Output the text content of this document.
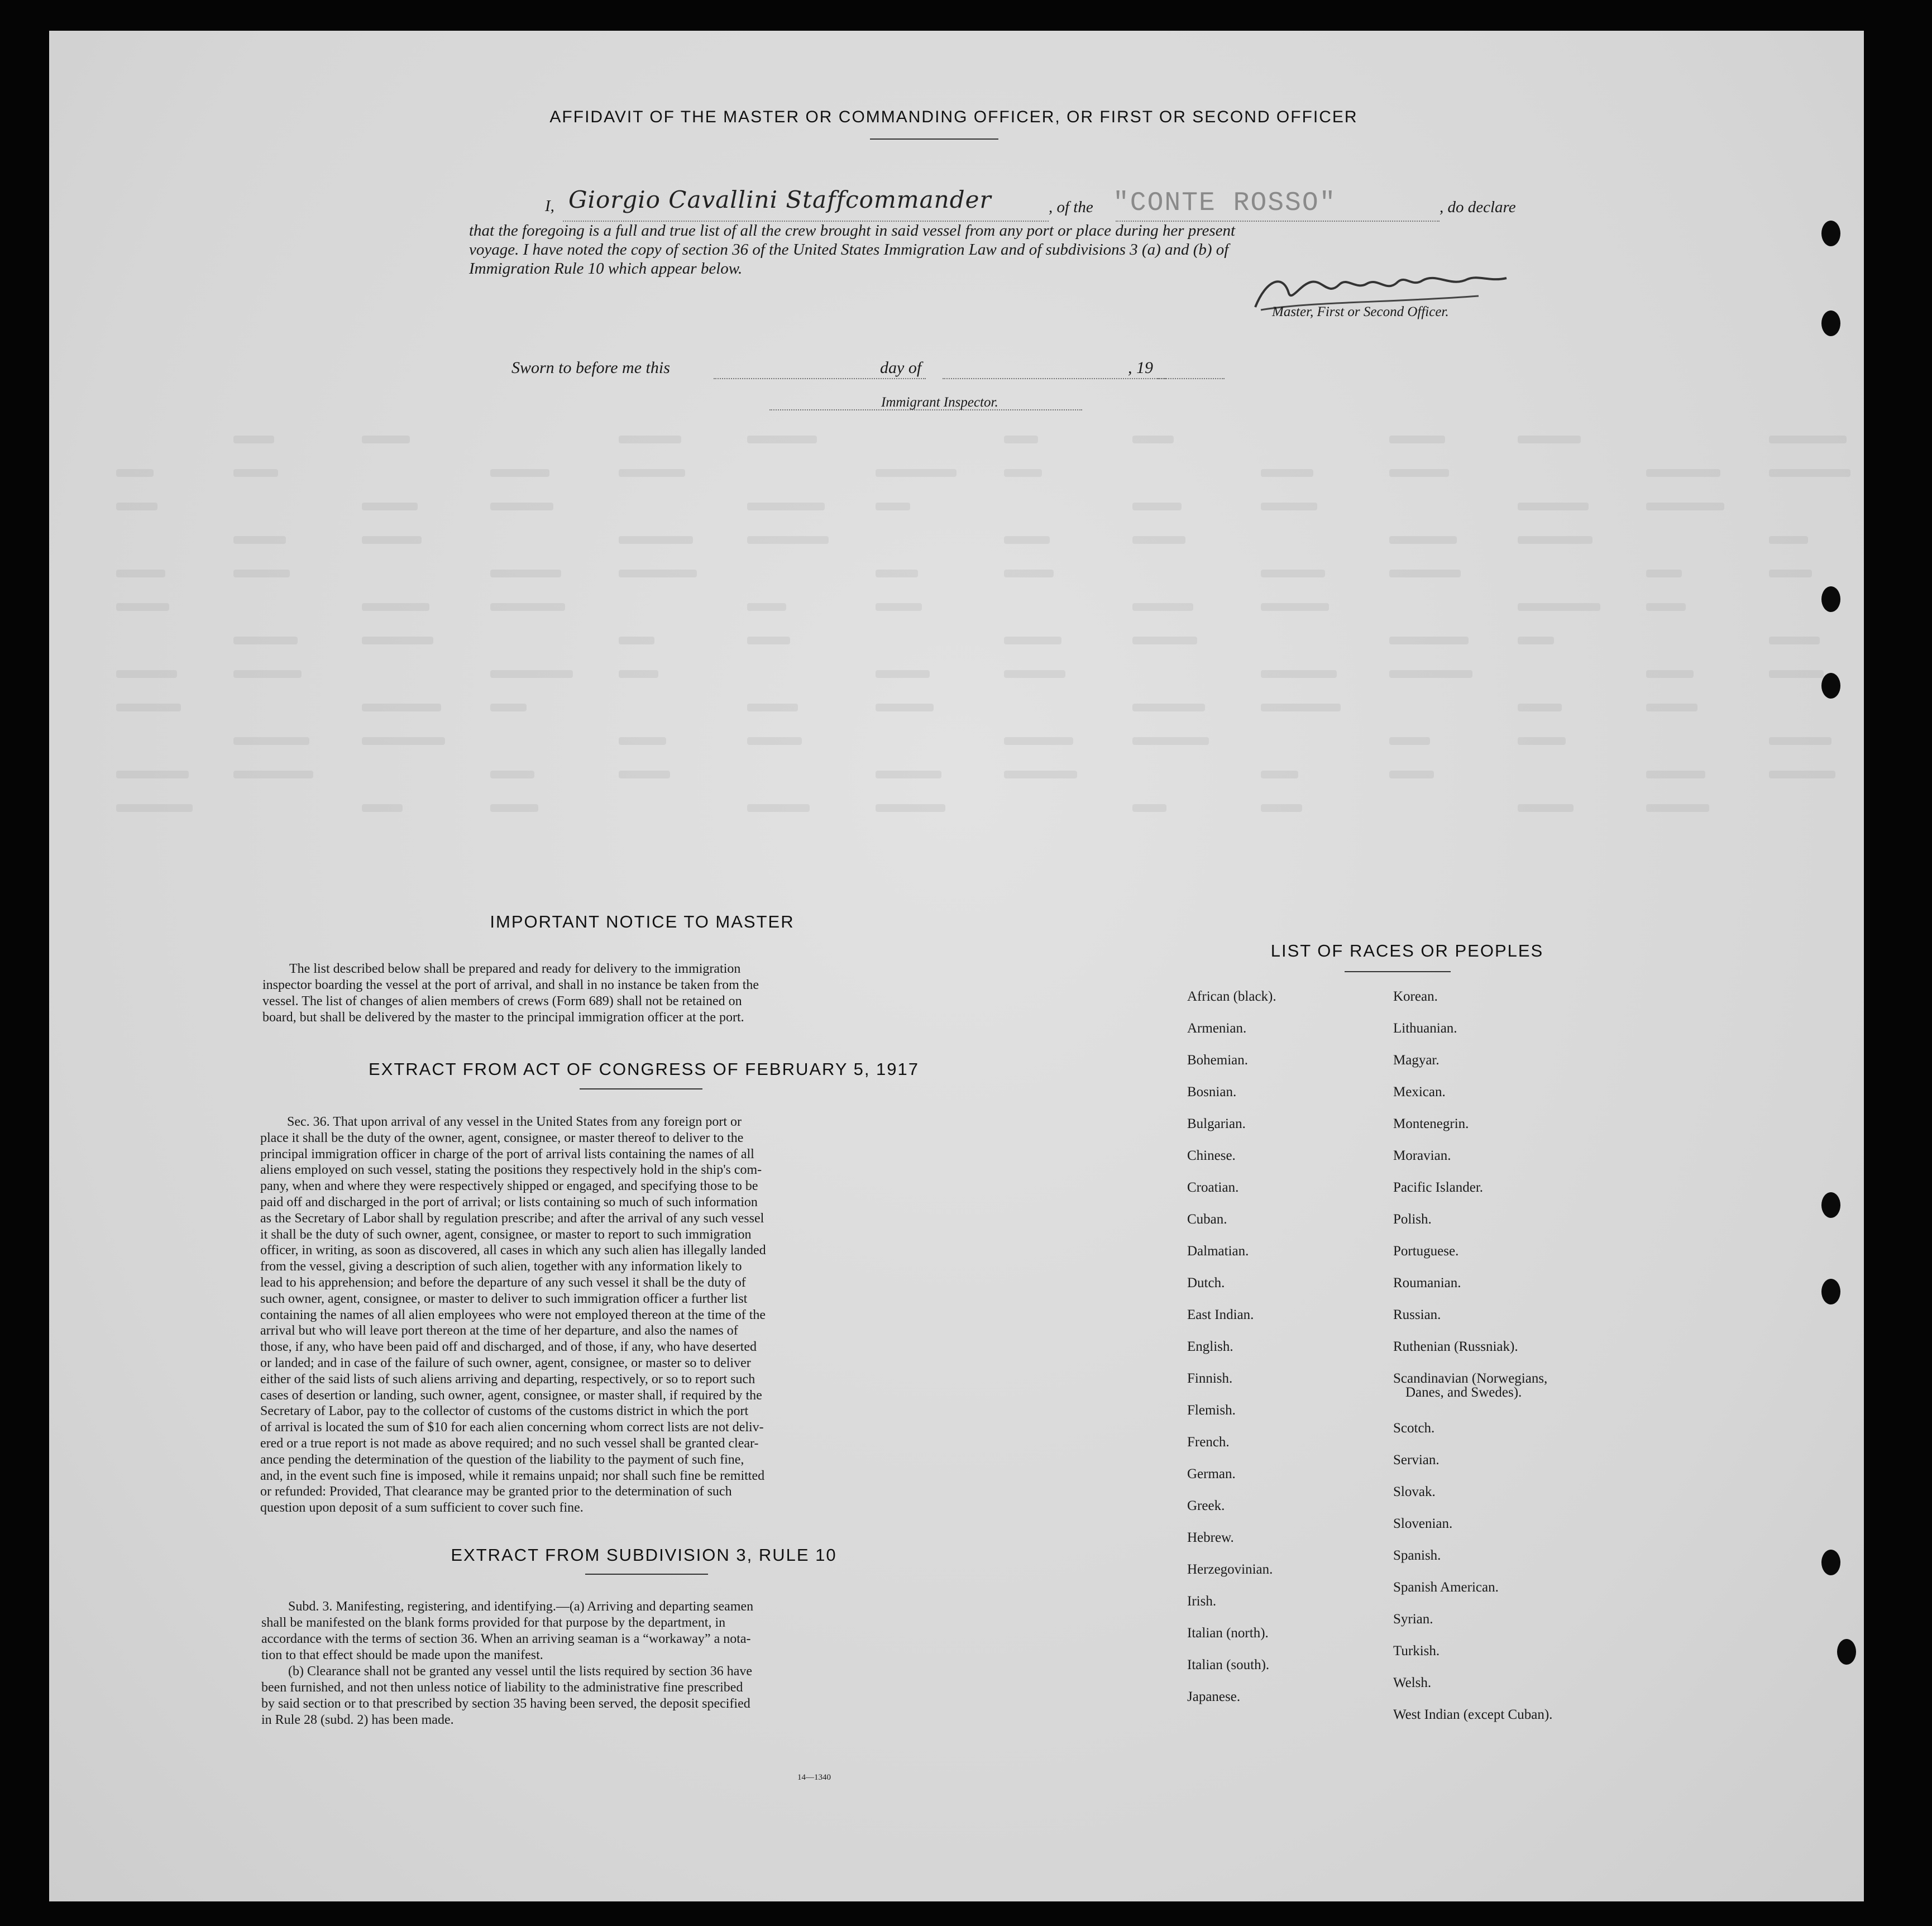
AFFIDAVIT OF THE MASTER OR COMMANDING OFFICER, OR FIRST OR SECOND OFFICER
I, Giorgio Cavallini Staffcommander	, of the "CONTE ROSSO"	, do declare
that the foregoing is a full and true list of all the crew brought in said vessel from any port or place during her present
voyage. I have noted the copy of section 36 of the United States Immigration Law and of subdivisions 3 (a) and (b) of
Immigration Rule 10 which appear below.
Master, First or Second Officer.
Sworn to before me this	day of	, 19
Immigrant Inspector.
IMPORTANT NOTICE TO MASTER
The list described below shall be prepared and ready for delivery to the immigration
inspector boarding the vessel at the port of arrival, and shall in no instance be taken from the
vessel. The list of changes of alien members of crews (Form 689) shall not be retained on
board, but shall be delivered by the master to the principal immigration officer at the port.
EXTRACT FROM ACT OF CONGRESS OF FEBRUARY 5, 1917
Sec. 36. That upon arrival of any vessel in the United States from any foreign port or
place it shall be the duty of the owner, agent, consignee, or master thereof to deliver to the
principal immigration officer in charge of the port of arrival lists containing the names of all
aliens employed on such vessel, stating the positions they respectively hold in the ship's com-
pany, when and where they were respectively shipped or engaged, and specifying those to be
paid off and discharged in the port of arrival; or lists containing so much of such information
as the Secretary of Labor shall by regulation prescribe; and after the arrival of any such vessel
it shall be the duty of such owner, agent, consignee, or master to report to such immigration
officer, in writing, as soon as discovered, all cases in which any such alien has illegally landed
from the vessel, giving a description of such alien, together with any information likely to
lead to his apprehension; and before the departure of any such vessel it shall be the duty of
such owner, agent, consignee, or master to deliver to such immigration officer a further list
containing the names of all alien employees who were not employed thereon at the time of the
arrival but who will leave port thereon at the time of her departure, and also the names of
those, if any, who have been paid off and discharged, and of those, if any, who have deserted
or landed; and in case of the failure of such owner, agent, consignee, or master so to deliver
either of the said lists of such aliens arriving and departing, respectively, or so to report such
cases of desertion or landing, such owner, agent, consignee, or master shall, if required by the
Secretary of Labor, pay to the collector of customs of the customs district in which the port
of arrival is located the sum of $10 for each alien concerning whom correct lists are not deliv-
ered or a true report is not made as above required; and no such vessel shall be granted clear-
ance pending the determination of the question of the liability to the payment of such fine,
and, in the event such fine is imposed, while it remains unpaid; nor shall such fine be remitted
or refunded: Provided, That clearance may be granted prior to the determination of such
question upon deposit of a sum sufficient to cover such fine.
EXTRACT FROM SUBDIVISION 3, RULE 10
Subd. 3. Manifesting, registering, and identifying.—(a) Arriving and departing seamen
shall be manifested on the blank forms provided for that purpose by the department, in
accordance with the terms of section 36. When an arriving seaman is a “workaway” a nota-
tion to that effect should be made upon the manifest.
(b) Clearance shall not be granted any vessel until the lists required by section 36 have
been furnished, and not then unless notice of liability to the administrative fine prescribed
by said section or to that prescribed by section 35 having been served, the deposit specified
in Rule 28 (subd. 2) has been made.
14—1340
LIST OF RACES OR PEOPLES
African (black).
Armenian.
Bohemian.
Bosnian.
Bulgarian.
Chinese.
Croatian.
Cuban.
Dalmatian.
Dutch.
East Indian.
English.
Finnish.
Flemish.
French.
German.
Greek.
Hebrew.
Herzegovinian.
Irish.
Italian (north).
Italian (south).
Japanese.
Korean.
Lithuanian.
Magyar.
Mexican.
Montenegrin.
Moravian.
Pacific Islander.
Polish.
Portuguese.
Roumanian.
Russian.
Ruthenian (Russniak).
Scandinavian (Norwegians,
Danes, and Swedes).
Scotch.
Servian.
Slovak.
Slovenian.
Spanish.
Spanish American.
Syrian.
Turkish.
Welsh.
West Indian (except Cuban).
